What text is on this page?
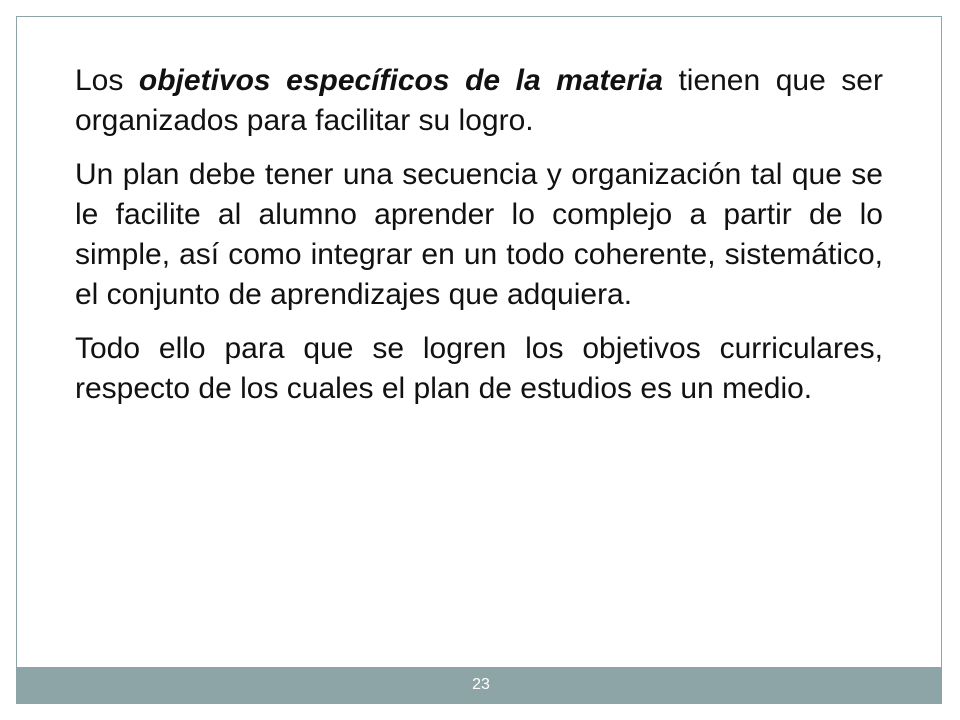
Los objetivos específicos de la materia tienen que ser organizados para facilitar su logro.

Un plan debe tener una secuencia y organización tal que se le facilite al alumno aprender lo complejo a partir de lo simple, así como integrar en un todo coherente, sistemático, el conjunto de aprendizajes que adquiera.

Todo ello para que se logren los objetivos curriculares, respecto de los cuales el plan de estudios es un medio.

23
